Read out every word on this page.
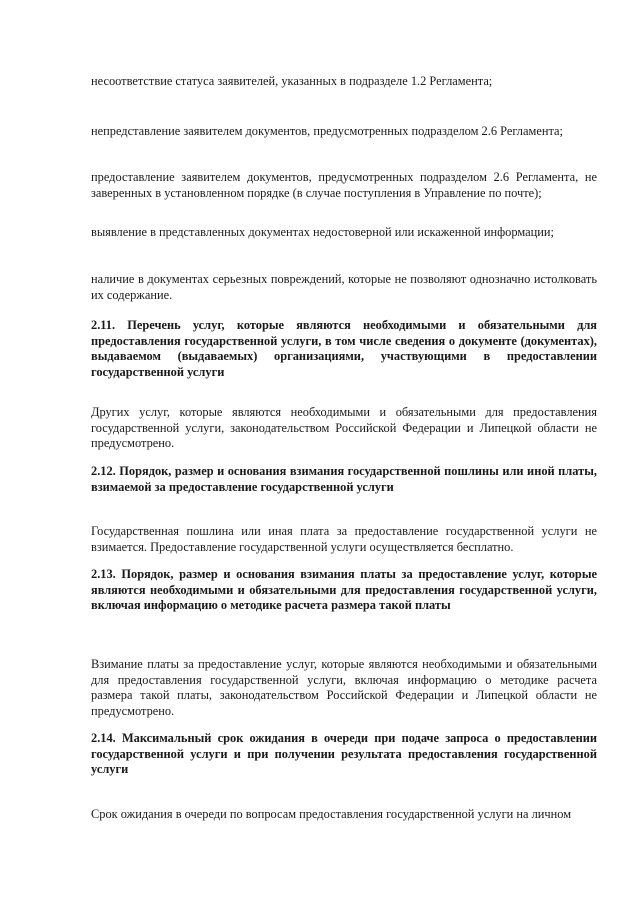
несоответствие статуса заявителей, указанных в подразделе 1.2 Регламента;

непредставление заявителем документов, предусмотренных подразделом 2.6 Регламента;

предоставление заявителем документов, предусмотренных подразделом 2.6 Регламента, не заверенных в установленном порядке (в случае поступления в Управление по почте);

выявление в представленных документах недостоверной или искаженной информации;

наличие в документах серьезных повреждений, которые не позволяют однозначно истолковать их содержание.

2.11. Перечень услуг, которые являются необходимыми и обязательными для предоставления государственной услуги, в том числе сведения о документе (документах), выдаваемом (выдаваемых) организациями, участвующими в предоставлении государственной услуги

Других услуг, которые являются необходимыми и обязательными для предоставления государственной услуги, законодательством Российской Федерации и Липецкой области не предусмотрено.

2.12. Порядок, размер и основания взимания государственной пошлины или иной платы, взимаемой за предоставление государственной услуги

Государственная пошлина или иная плата за предоставление государственной услуги не взимается. Предоставление государственной услуги осуществляется бесплатно.

2.13. Порядок, размер и основания взимания платы за предоставление услуг, которые являются необходимыми и обязательными для предоставления государственной услуги, включая информацию о методике расчета размера такой платы

Взимание платы за предоставление услуг, которые являются необходимыми и обязательными для предоставления государственной услуги, включая информацию о методике расчета размера такой платы, законодательством Российской Федерации и Липецкой области не предусмотрено.

2.14. Максимальный срок ожидания в очереди при подаче запроса о предоставлении государственной услуги и при получении результата предоставления государственной услуги

Срок ожидания в очереди по вопросам предоставления государственной услуги на личном
